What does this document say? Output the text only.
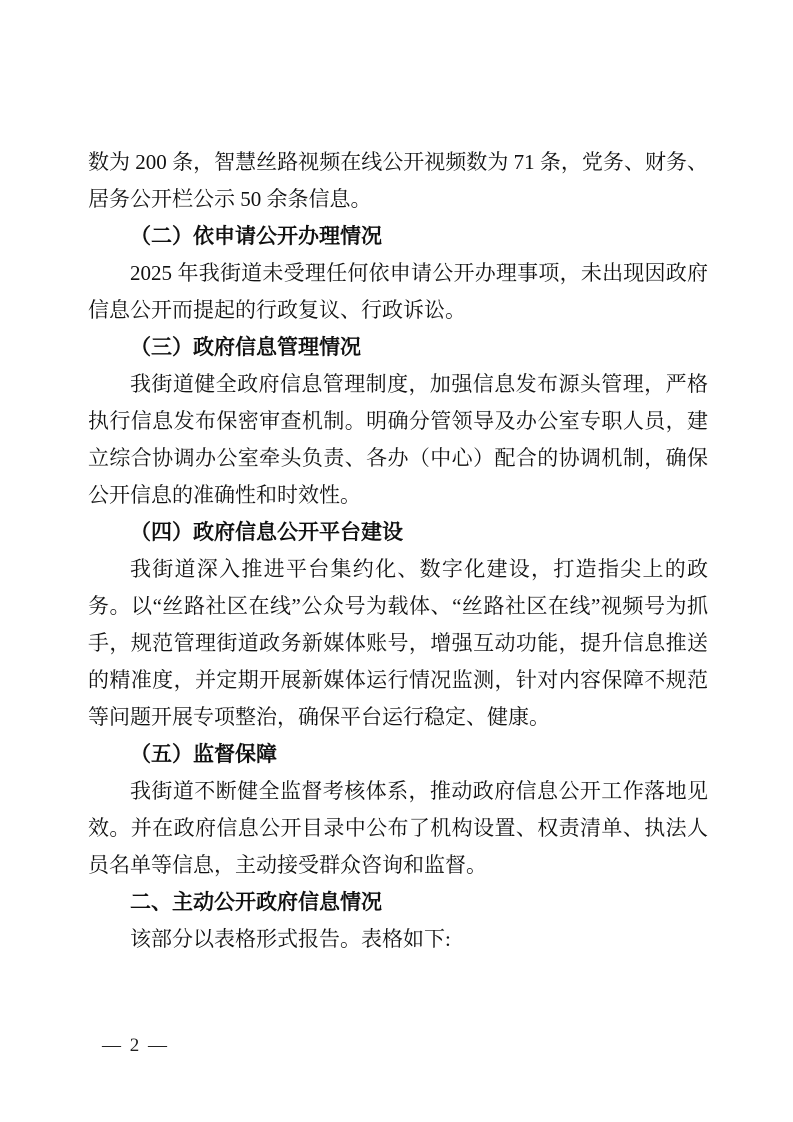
数为 200 条，智慧丝路视频在线公开视频数为 71 条，党务、财务、居务公开栏公示 50 余条信息。

（二）依申请公开办理情况

2025 年我街道未受理任何依申请公开办理事项，未出现因政府信息公开而提起的行政复议、行政诉讼。

（三）政府信息管理情况

我街道健全政府信息管理制度，加强信息发布源头管理，严格执行信息发布保密审查机制。明确分管领导及办公室专职人员，建立综合协调办公室牵头负责、各办（中心）配合的协调机制，确保公开信息的准确性和时效性。

（四）政府信息公开平台建设

我街道深入推进平台集约化、数字化建设，打造指尖上的政务。以“丝路社区在线”公众号为载体、“丝路社区在线”视频号为抓手，规范管理街道政务新媒体账号，增强互动功能，提升信息推送的精准度，并定期开展新媒体运行情况监测，针对内容保障不规范等问题开展专项整治，确保平台运行稳定、健康。

（五）监督保障

我街道不断健全监督考核体系，推动政府信息公开工作落地见效。并在政府信息公开目录中公布了机构设置、权责清单、执法人员名单等信息，主动接受群众咨询和监督。

二、主动公开政府信息情况

该部分以表格形式报告。表格如下:

— 2 —
